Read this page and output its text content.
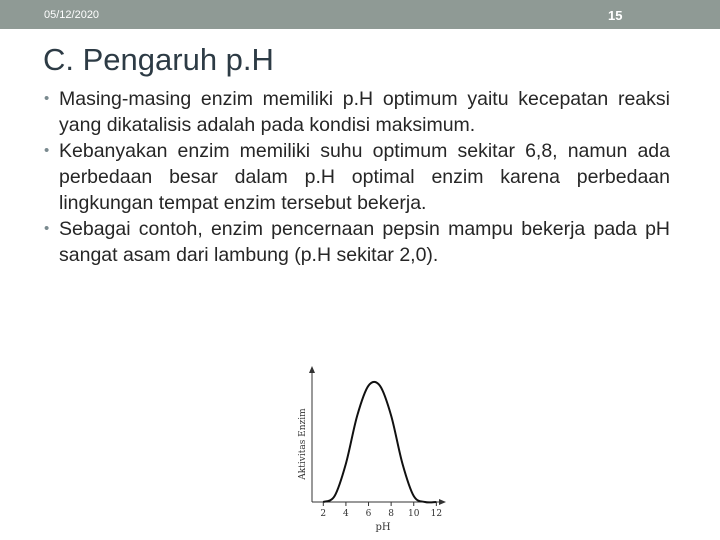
05/12/2020	15
C. Pengaruh p.H
• Masing-masing enzim memiliki p.H optimum yaitu kecepatan reaksi yang dikatalisis adalah pada kondisi maksimum.
• Kebanyakan enzim memiliki suhu optimum sekitar 6,8, namun ada perbedaan besar dalam p.H optimal enzim karena perbedaan lingkungan tempat enzim tersebut bekerja.
• Sebagai contoh, enzim pencernaan pepsin mampu bekerja pada pH sangat asam dari lambung (p.H sekitar 2,0).
Aktivitas Enzim
pH
2 4 6 8 10 12
